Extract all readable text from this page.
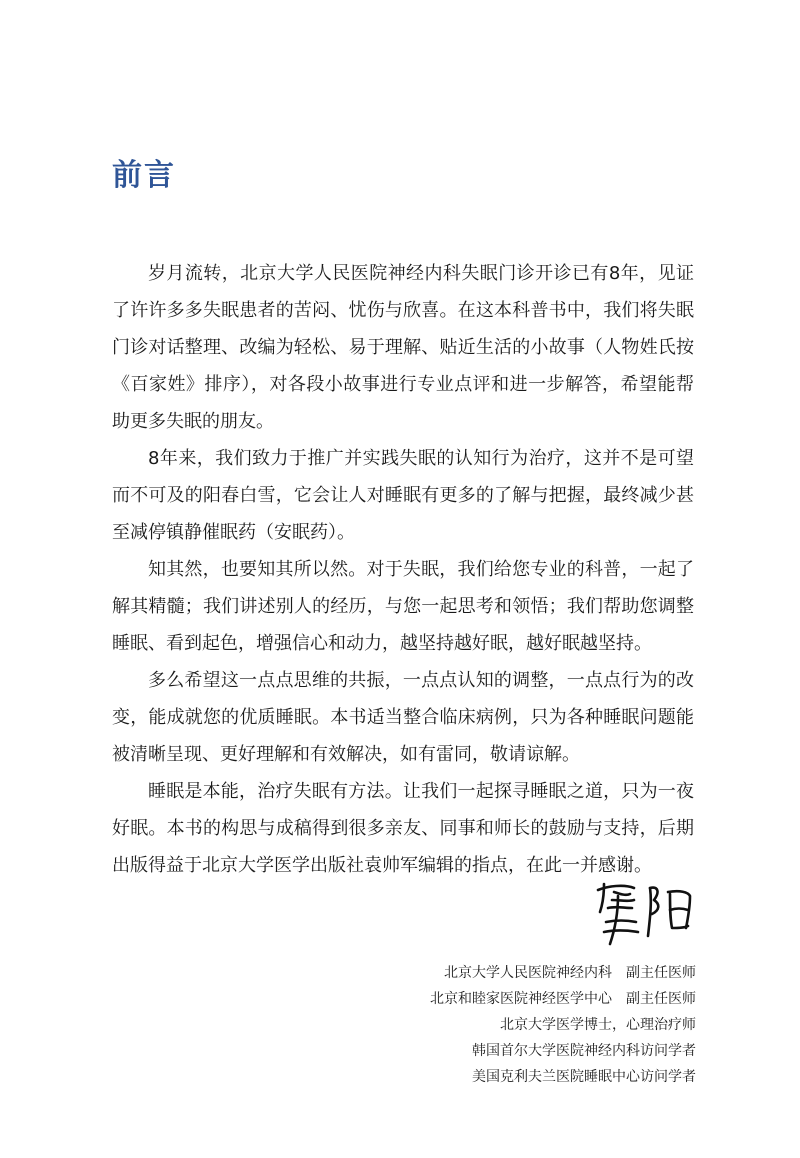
前言

岁月流转，北京大学人民医院神经内科失眠门诊开诊已有8年，见证了许许多多失眠患者的苦闷、忧伤与欣喜。在这本科普书中，我们将失眠门诊对话整理、改编为轻松、易于理解、贴近生活的小故事（人物姓氏按《百家姓》排序），对各段小故事进行专业点评和进一步解答，希望能帮助更多失眠的朋友。

8年来，我们致力于推广并实践失眠的认知行为治疗，这并不是可望而不可及的阳春白雪，它会让人对睡眠有更多的了解与把握，最终减少甚至减停镇静催眠药（安眠药）。

知其然，也要知其所以然。对于失眠，我们给您专业的科普，一起了解其精髓；我们讲述别人的经历，与您一起思考和领悟；我们帮助您调整睡眠、看到起色，增强信心和动力，越坚持越好眠，越好眠越坚持。

多么希望这一点点思维的共振，一点点认知的调整，一点点行为的改变，能成就您的优质睡眠。本书适当整合临床病例，只为各种睡眠问题能被清晰呈现、更好理解和有效解决，如有雷同，敬请谅解。

睡眠是本能，治疗失眠有方法。让我们一起探寻睡眠之道，只为一夜好眠。本书的构思与成稿得到很多亲友、同事和师长的鼓励与支持，后期出版得益于北京大学医学出版社袁帅军编辑的指点，在此一并感谢。

北京大学人民医院神经内科　副主任医师
北京和睦家医院神经医学中心　副主任医师
北京大学医学博士，心理治疗师
韩国首尔大学医院神经内科访问学者
美国克利夫兰医院睡眠中心访问学者
